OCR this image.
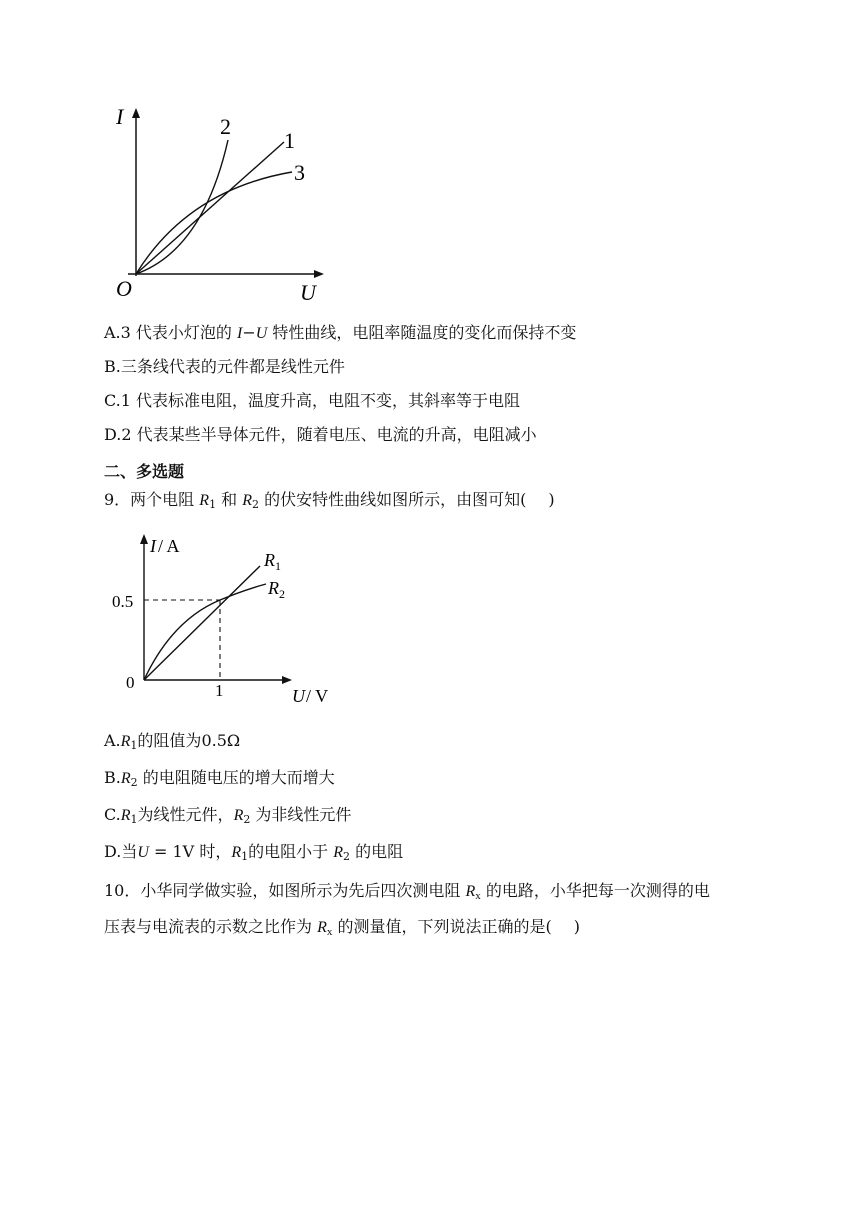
I
U
O
2
1
3
A.3 代表小灯泡的 I−U 特性曲线，电阻率随温度的变化而保持不变
B.三条线代表的元件都是线性元件
C.1 代表标准电阻，温度升高，电阻不变，其斜率等于电阻
D.2 代表某些半导体元件，随着电压、电流的升高，电阻减小
二、多选题
9．两个电阻 $R_1$ 和 $R_2$ 的伏安特性曲线如图所示，由图可知( )
I / A
U / V
0
0.5
1
$R_1$
$R_2$
$A.R_1$的阻值为0.5Ω
$B.R_2$ 的电阻随电压的增大而增大
$C.R_1$为线性元件，$R_2$ 为非线性元件
D.当U = 1V 时，$R_1$的电阻小于 $R_2$ 的电阻
10．小华同学做实验，如图所示为先后四次测电阻 $R_x$ 的电路，小华把每一次测得的电
压表与电流表的示数之比作为 $R_x$ 的测量值，下列说法正确的是( )
